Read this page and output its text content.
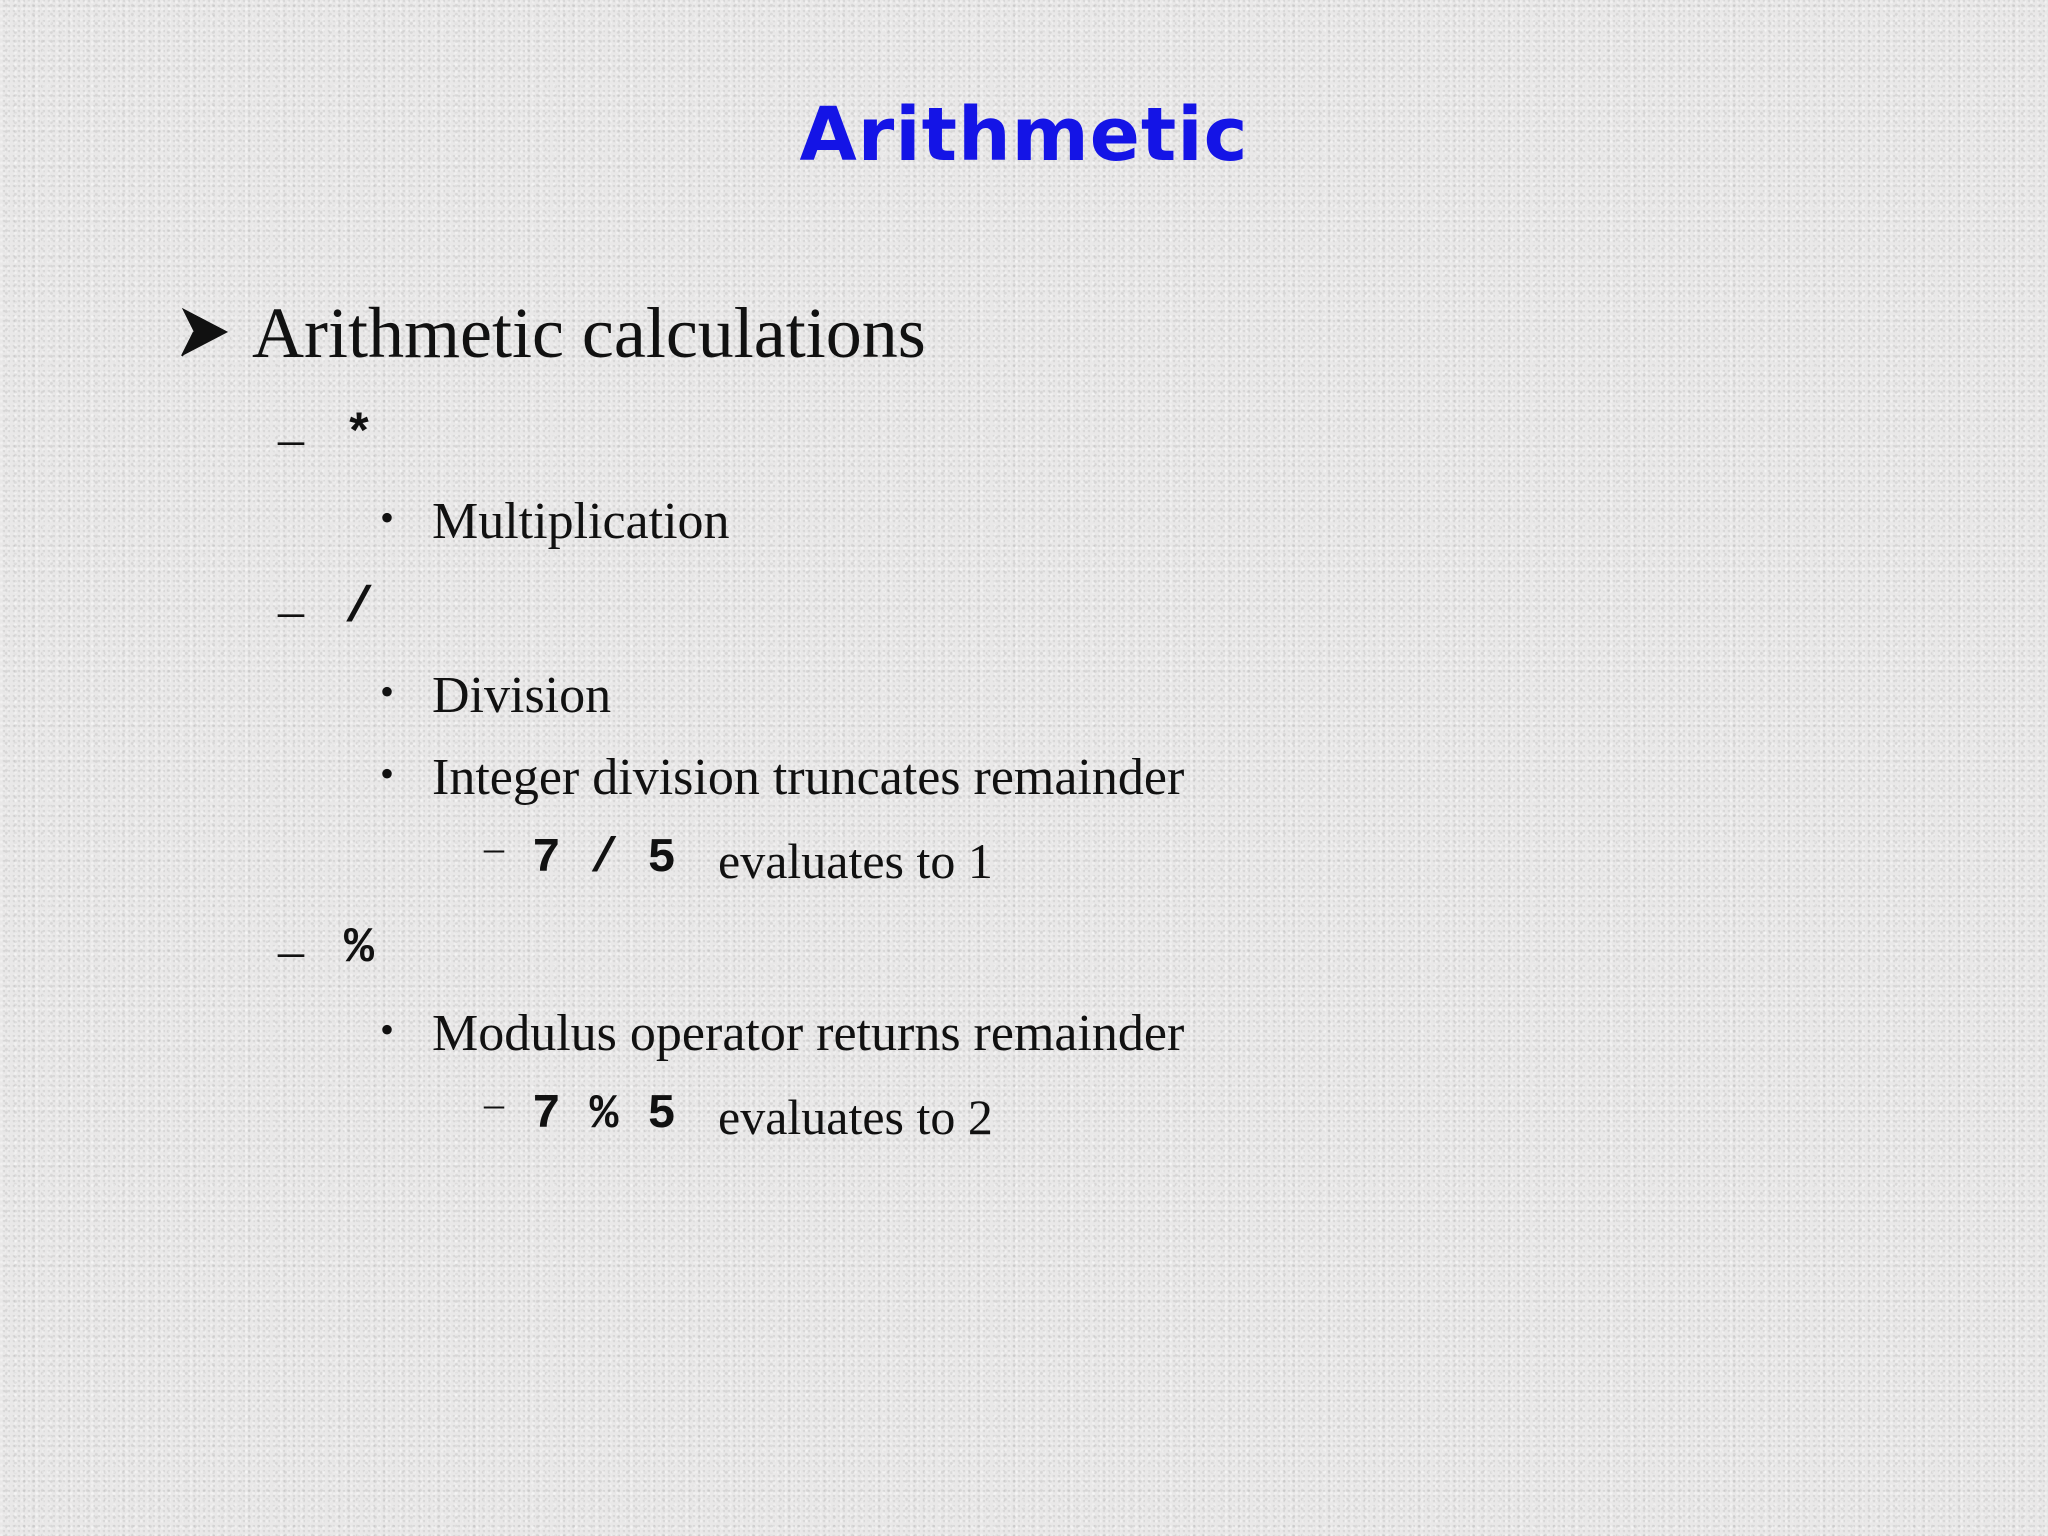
Arithmetic
Arithmetic calculations
– *
• Multiplication
– /
• Division
• Integer division truncates remainder
– 7 / 5 evaluates to 1
– %
• Modulus operator returns remainder
– 7 % 5 evaluates to 2
